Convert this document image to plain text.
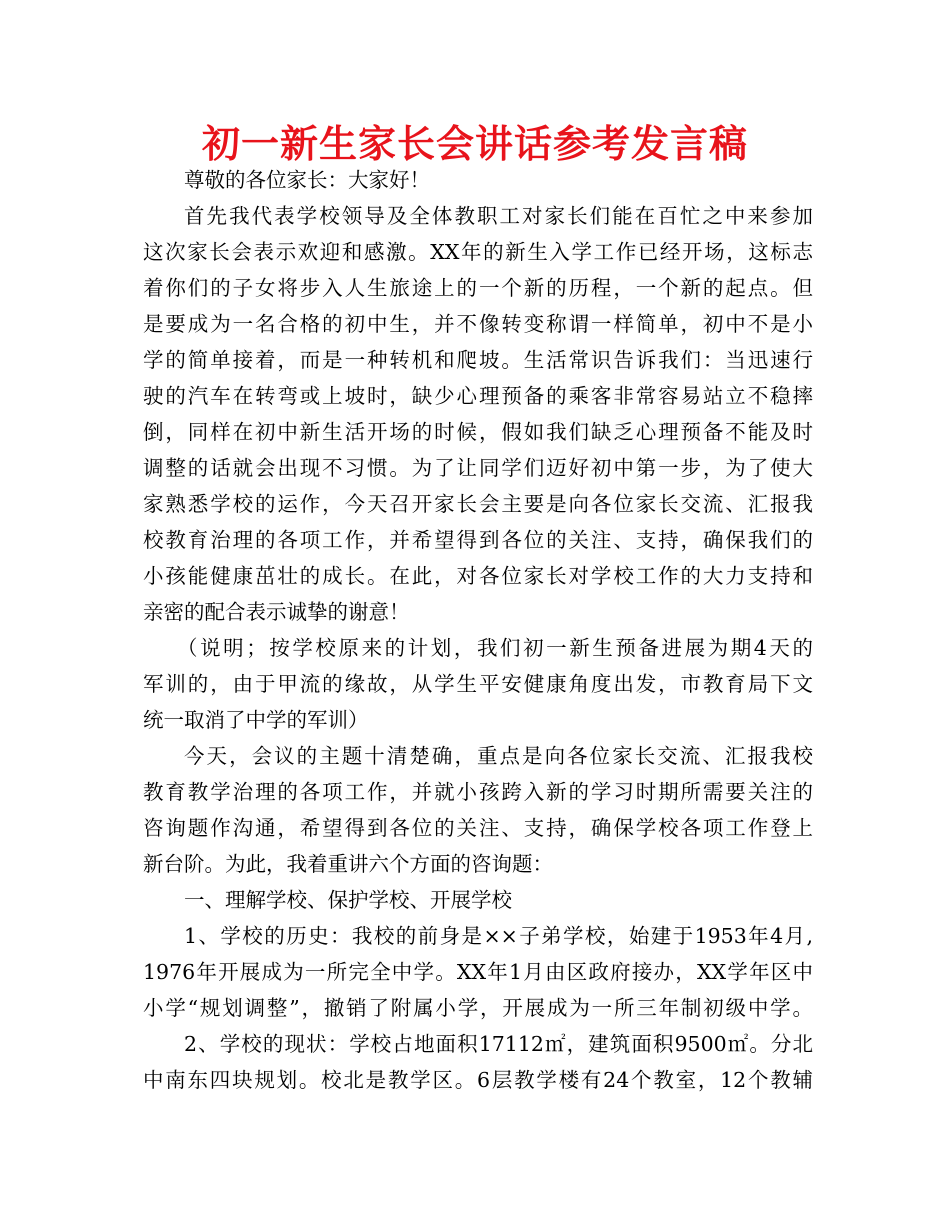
初一新生家长会讲话参考发言稿
尊敬的各位家长：大家好！
首先我代表学校领导及全体教职工对家长们能在百忙之中来参加
这次家长会表示欢迎和感激。XX年的新生入学工作已经开场，这标志
着你们的子女将步入人生旅途上的一个新的历程，一个新的起点。但
是要成为一名合格的初中生，并不像转变称谓一样简单，初中不是小
学的简单接着，而是一种转机和爬坡。生活常识告诉我们：当迅速行
驶的汽车在转弯或上坡时，缺少心理预备的乘客非常容易站立不稳摔
倒，同样在初中新生活开场的时候，假如我们缺乏心理预备不能及时
调整的话就会出现不习惯。为了让同学们迈好初中第一步，为了使大
家熟悉学校的运作，今天召开家长会主要是向各位家长交流、汇报我
校教育治理的各项工作，并希望得到各位的关注、支持，确保我们的
小孩能健康茁壮的成长。在此，对各位家长对学校工作的大力支持和
亲密的配合表示诚挚的谢意！
（说明；按学校原来的计划，我们初一新生预备进展为期4天的
军训的，由于甲流的缘故，从学生平安健康角度出发，市教育局下文
统一取消了中学的军训）
今天，会议的主题十清楚确，重点是向各位家长交流、汇报我校
教育教学治理的各项工作，并就小孩跨入新的学习时期所需要关注的
咨询题作沟通，希望得到各位的关注、支持，确保学校各项工作登上
新台阶。为此，我着重讲六个方面的咨询题：
一、理解学校、保护学校、开展学校
1、学校的历史：我校的前身是××子弟学校，始建于1953年4月,
1976年开展成为一所完全中学。XX年1月由区政府接办，XX学年区中
小学“规划调整”，撤销了附属小学，开展成为一所三年制初级中学。
2、学校的现状：学校占地面积17112㎡，建筑面积9500㎡。分北
中南东四块规划。校北是教学区。6层教学楼有24个教室，12个教辅
